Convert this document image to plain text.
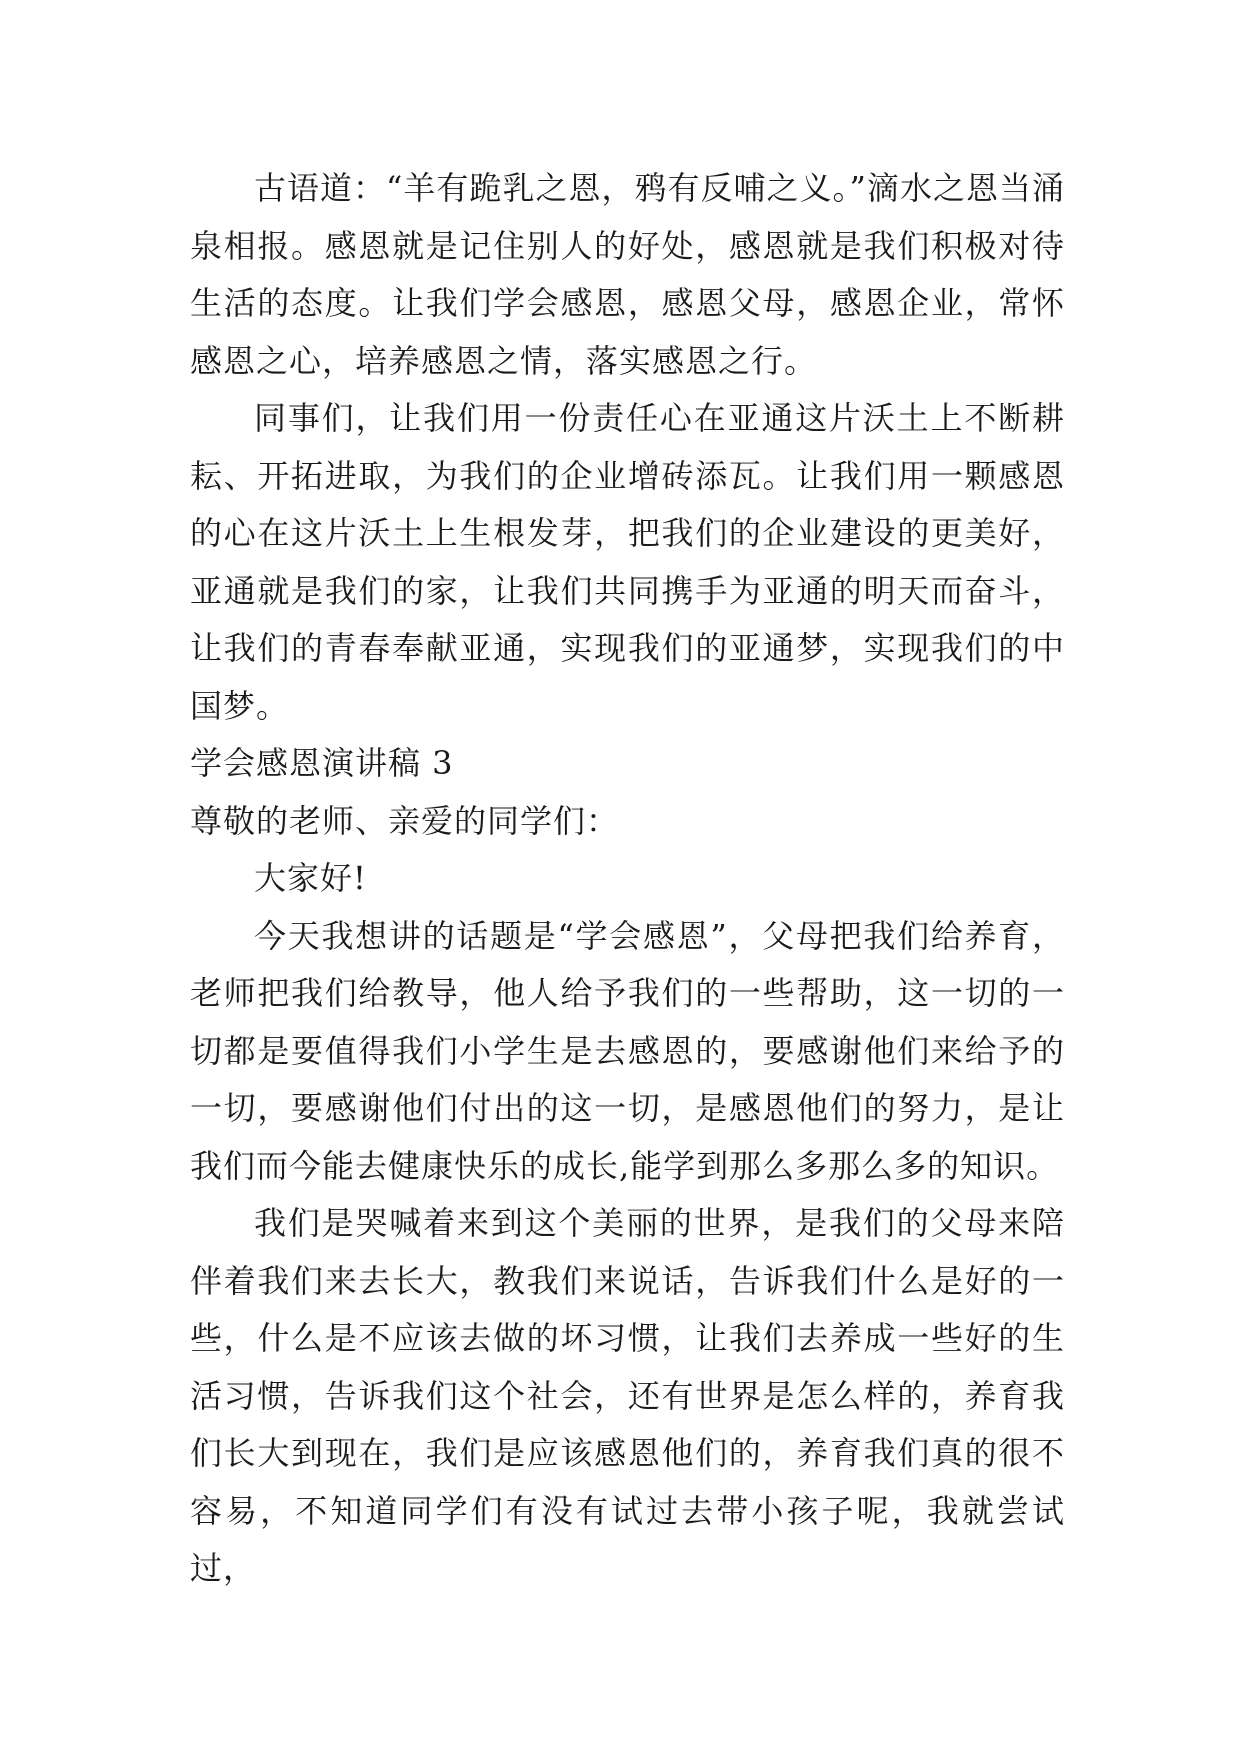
古语道：“羊有跪乳之恩，鸦有反哺之义。”滴水之恩当涌泉相报。感恩就是记住别人的好处，感恩就是我们积极对待生活的态度。让我们学会感恩，感恩父母，感恩企业，常怀感恩之心，培养感恩之情，落实感恩之行。

同事们，让我们用一份责任心在亚通这片沃土上不断耕耘、开拓进取，为我们的企业增砖添瓦。让我们用一颗感恩的心在这片沃土上生根发芽，把我们的企业建设的更美好，亚通就是我们的家，让我们共同携手为亚通的明天而奋斗，让我们的青春奉献亚通，实现我们的亚通梦，实现我们的中国梦。

学会感恩演讲稿 3

尊敬的老师、亲爱的同学们：

大家好!

今天我想讲的话题是“学会感恩”，父母把我们给养育，老师把我们给教导，他人给予我们的一些帮助，这一切的一切都是要值得我们小学生是去感恩的，要感谢他们来给予的一切，要感谢他们付出的这一切，是感恩他们的努力，是让我们而今能去健康快乐的成长,能学到那么多那么多的知识。

我们是哭喊着来到这个美丽的世界，是我们的父母来陪伴着我们来去长大，教我们来说话，告诉我们什么是好的一些，什么是不应该去做的坏习惯，让我们去养成一些好的生活习惯，告诉我们这个社会，还有世界是怎么样的，养育我们长大到现在，我们是应该感恩他们的，养育我们真的很不容易，不知道同学们有没有试过去带小孩子呢，我就尝试过，
